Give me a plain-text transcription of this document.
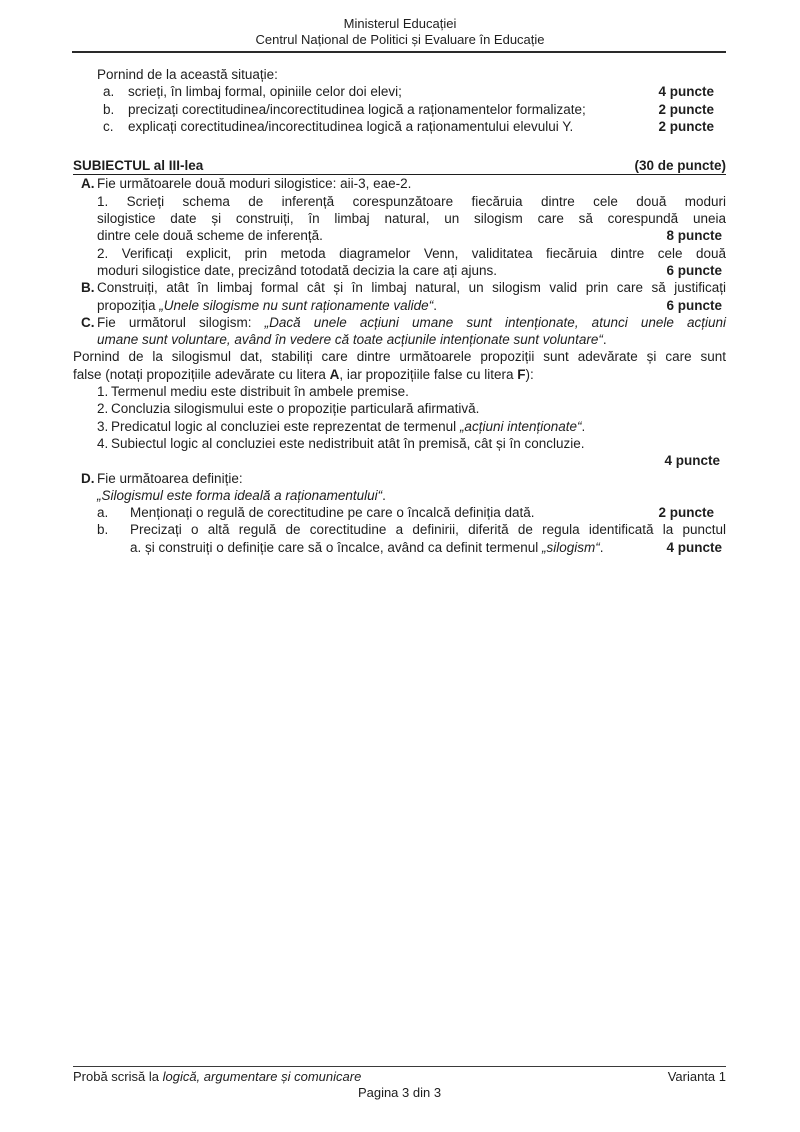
Ministerul Educației
Centrul Național de Politici și Evaluare în Educație

Pornind de la această situație:

a. scrieți, în limbaj formal, opiniile celor doi elevi;	4 puncte
b. precizați corectitudinea/incorectitudinea logică a raționamentelor formalizate;	2 puncte
c. explicați corectitudinea/incorectitudinea logică a raționamentului elevului Y.	2 puncte
SUBIECTUL al III-lea	(30 de puncte)
A. Fie următoarele două moduri silogistice: aii-3, eae-2.
1. Scrieți schema de inferență corespunzătoare fiecăruia dintre cele două moduri
silogistice date și construiți, în limbaj natural, un silogism care să corespundă uneia
dintre cele două scheme de inferență.	8 puncte
2. Verificați explicit, prin metoda diagramelor Venn, validitatea fiecăruia dintre cele două
moduri silogistice date, precizând totodată decizia la care ați ajuns.	6 puncte
B. Construiți, atât în limbaj formal cât și în limbaj natural, un silogism valid prin care să justificați
propoziția „Unele silogisme nu sunt raționamente valide“.	6 puncte
C. Fie următorul silogism: „Dacă unele acțiuni umane sunt intenționate, atunci unele acțiuni
umane sunt voluntare, având în vedere că toate acțiunile intenționate sunt voluntare“.
Pornind de la silogismul dat, stabiliți care dintre următoarele propoziții sunt adevărate și care sunt
false (notați propozițiile adevărate cu litera A, iar propozițiile false cu litera F):
1. Termenul mediu este distribuit în ambele premise.
2. Concluzia silogismului este o propoziție particulară afirmativă.
3. Predicatul logic al concluziei este reprezentat de termenul „acțiuni intenționate“.
4. Subiectul logic al concluziei este nedistribuit atât în premisă, cât și în concluzie.
4 puncte
D. Fie următoarea definiție:
„Silogismul este forma ideală a raționamentului“.
a. Menționați o regulă de corectitudine pe care o încalcă definiția dată.	2 puncte
b. Precizați o altă regulă de corectitudine a definirii, diferită de regula identificată la punctul
a. și construiți o definiție care să o încalce, având ca definit termenul „silogism“.	4 puncte
Probă scrisă la logică, argumentare și comunicare	Varianta 1
Pagina 3 din 3
